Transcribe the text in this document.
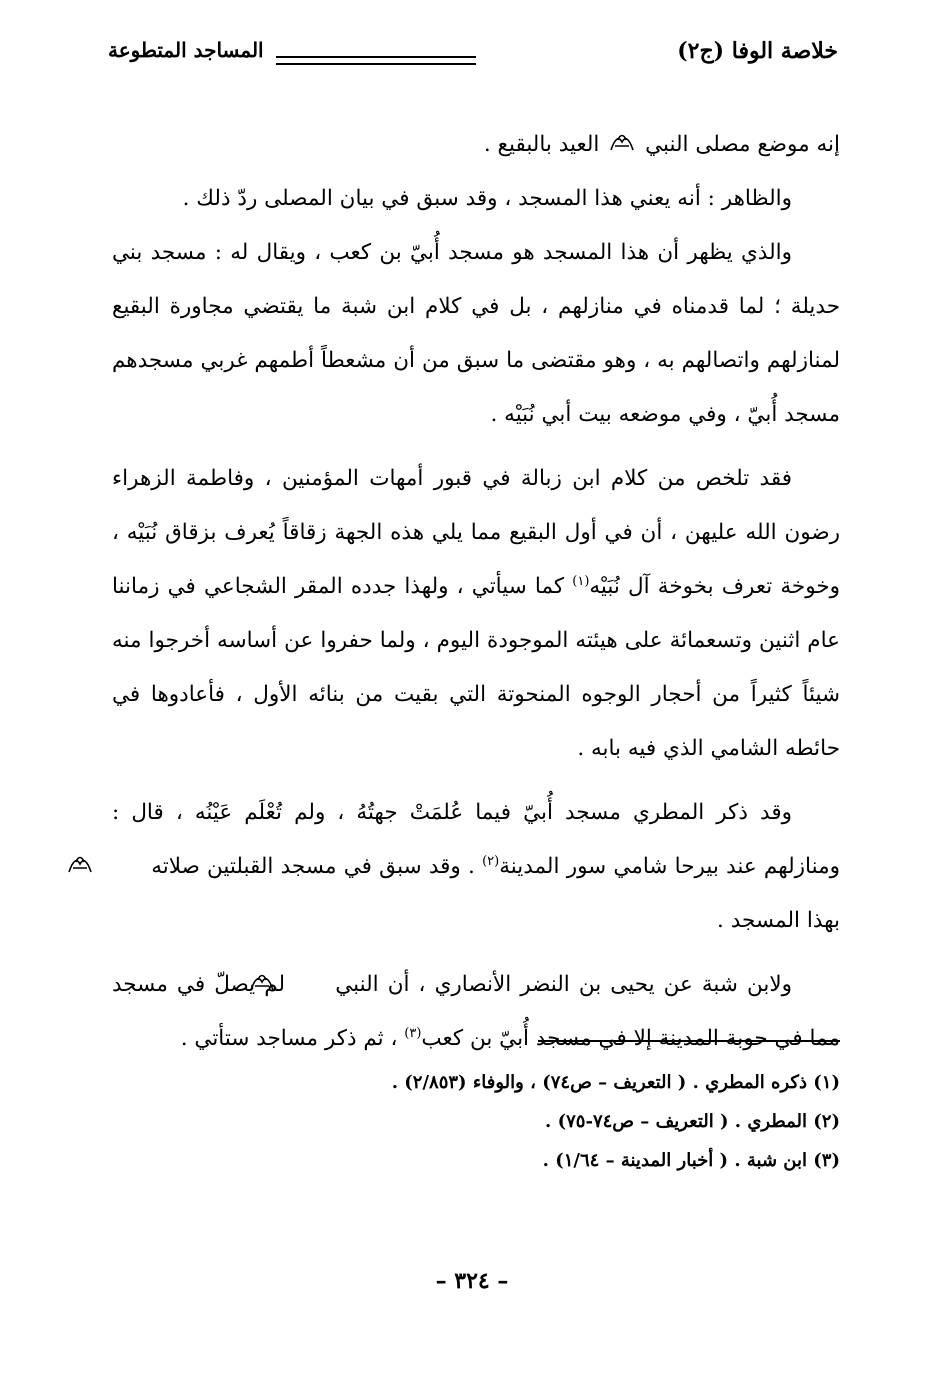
خلاصة الوفا (ج٢)
المساجد المتطوعة

إنه موضع مصلى النبي  العيد بالبقيع .

والظاهر : أنه يعني هذا المسجد ، وقد سبق في بيان المصلى ردّ ذلك .

والذي يظهر أن هذا المسجد هو مسجد أُبيّ بن كعب ، ويقال له : مسجد بني حديلة ؛ لما قدمناه في منازلهم ، بل في كلام ابن شبة ما يقتضي مجاورة البقيع لمنازلهم واتصالهم به ، وهو مقتضى ما سبق من أن مشعطاً أطمهم غربي مسجدهم مسجد أُبيّ ، وفي موضعه بيت أبي نُبَيْه .

فقد تلخص من كلام ابن زبالة في قبور أمهات المؤمنين ، وفاطمة الزهراء رضون الله عليهن ، أن في أول البقيع مما يلي هذه الجهة زقاقاً يُعرف بزقاق نُبَيْه ، وخوخة تعرف بخوخة آل نُبَيْه$^{(١)}$ كما سيأتي ، ولهذا جدده المقر الشجاعي في زماننا عام اثنين وتسعمائة على هيئته الموجودة اليوم ، ولما حفروا عن أساسه أخرجوا منه شيئاً كثيراً من أحجار الوجوه المنحوتة التي بقيت من بنائه الأول ، فأعادوها في حائطه الشامي الذي فيه بابه .

وقد ذكر المطري مسجد أُبيّ فيما عُلمَتْ جهتُهُ ، ولم تُعْلَم عَيْنُه ، قال : ومنازلهم عند بيرحا شامي سور المدينة$^{(٢)}$ . وقد سبق في مسجد القبلتين صلاته  بهذا المسجد .

ولابن شبة عن يحيى بن النضر الأنصاري ، أن النبي  لم يصلّ في مسجد مما في حوبة المدينة إلا في مسجد أُبيّ بن كعب$^{(٣)}$ ، ثم ذكر مساجد ستأتي .

(١) ذكره المطري . ( التعريف – ص٧٤) ، والوفاء (٢/٨٥٣) .

(٢) المطري . ( التعريف – ص٧٤-٧٥) .

(٣) ابن شبة . ( أخبار المدينة – ١/٦٤) .

– ٣٢٤ –
